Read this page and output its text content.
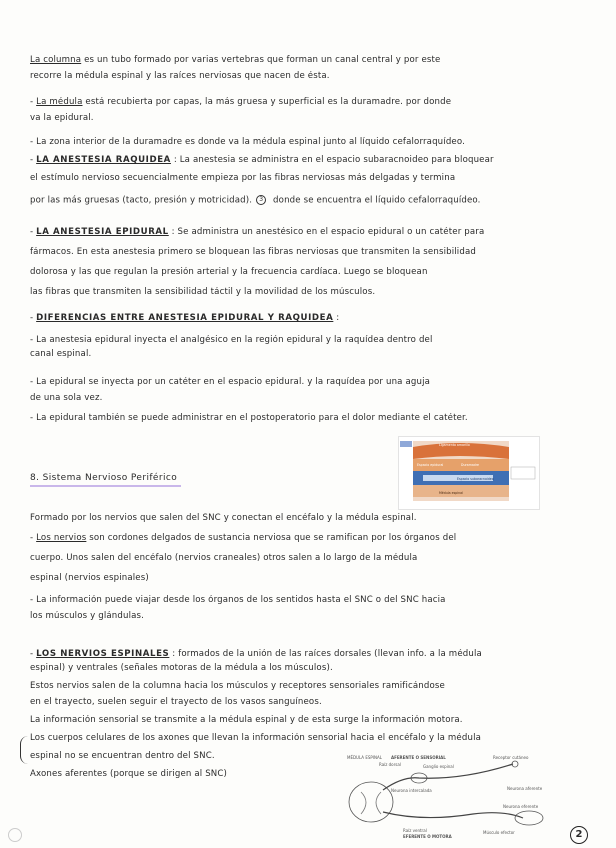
La columna es un tubo formado por varias vertebras que forman un canal central y por este
recorre la médula espinal y las raíces nerviosas que nacen de ésta.
- La médula está recubierta por capas, la más gruesa y superficial es la duramadre. por donde
va la epidural.
- La zona interior de la duramadre es donde va la médula espinal junto al líquido cefalorraquídeo.
- LA ANESTESIA RAQUIDEA : La anestesia se administra en el espacio subaracnoideo para bloquear
el estímulo nervioso secuencialmente empieza por las fibras nerviosas más delgadas y termina
por las más gruesas (tacto, presión y motricidad). 3 donde se encuentra el líquido cefalorraquídeo.
- LA ANESTESIA EPIDURAL : Se administra un anestésico en el espacio epidural o un catéter para
fármacos. En esta anestesia primero se bloquean las fibras nerviosas que transmiten la sensibilidad
dolorosa y las que regulan la presión arterial y la frecuencia cardíaca. Luego se bloquean
las fibras que transmiten la sensibilidad táctil y la movilidad de los músculos.
- DIFERENCIAS ENTRE ANESTESIA EPIDURAL Y RAQUIDEA :
- La anestesia epidural inyecta el analgésico en la región epidural y la raquídea dentro del
canal espinal.
- La epidural se inyecta por un catéter en el espacio epidural. y la raquídea por una aguja
de una sola vez.
- La epidural también se puede administrar en el postoperatorio para el dolor mediante el catéter.
Formado por los nervios que salen del SNC y conectan el encéfalo y la médula espinal.
- Los nervios son cordones delgados de sustancia nerviosa que se ramifican por los órganos del
cuerpo. Unos salen del encéfalo (nervios craneales) otros salen a lo largo de la médula
espinal (nervios espinales)
- La información puede viajar desde los órganos de los sentidos hasta el SNC o del SNC hacia
los músculos y glándulas.
- LOS NERVIOS ESPINALES : formados de la unión de las raíces dorsales (llevan info. a la médula
espinal) y ventrales (señales motoras de la médula a los músculos).
Estos nervios salen de la columna hacia los músculos y receptores sensoriales ramificándose
en el trayecto, suelen seguir el trayecto de los vasos sanguíneos.
La información sensorial se transmite a la médula espinal y de esta surge la información motora.
Los cuerpos celulares de los axones que llevan la información sensorial hacia el encéfalo y la médula
espinal no se encuentran dentro del SNC.
Axones aferentes (porque se dirigen al SNC)
8. Sistema Nervioso Periférico
Ligamento amarillo
Espacio epidural	Duramadre
Espacio subaracnoideo
Médula espinal
MÉDULA ESPINAL AFERENTE O SENSORIAL
Raíz dorsal	Ganglio espinal
Receptor cutáneo
Neurona aferente
Neurona eferente
Neurona intercalada
Raíz ventral
EFERENTE O MOTORA
Músculo efector	2
